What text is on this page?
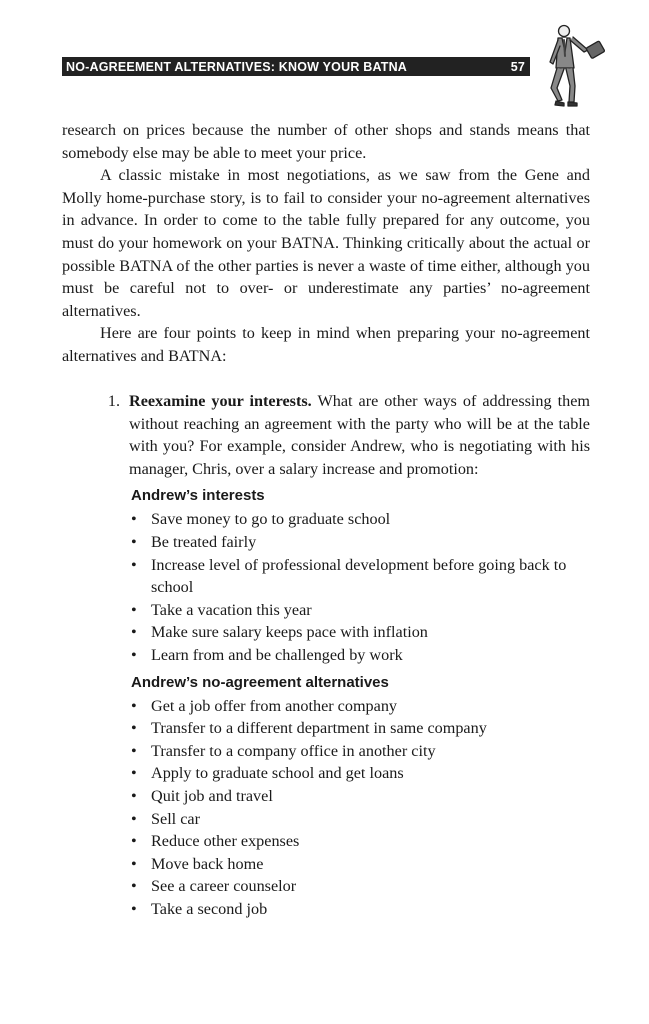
NO-AGREEMENT ALTERNATIVES: KNOW YOUR BATNA	57

research on prices because the number of other shops and stands means that somebody else may be able to meet your price.

A classic mistake in most negotiations, as we saw from the Gene and Molly home-purchase story, is to fail to consider your no-agreement alternatives in advance. In order to come to the table fully prepared for any outcome, you must do your homework on your BATNA. Thinking critically about the actual or possible BATNA of the other parties is never a waste of time either, although you must be careful not to over- or underestimate any parties’ no-agreement alternatives.

Here are four points to keep in mind when preparing your no-agreement alternatives and BATNA:

1. Reexamine your interests. What are other ways of addressing them without reaching an agreement with the party who will be at the table with you? For example, consider Andrew, who is negotiating with his manager, Chris, over a salary increase and promotion:
Andrew’s interests
• Save money to go to graduate school
• Be treated fairly
• Increase level of professional development before going back to school
• Take a vacation this year
• Make sure salary keeps pace with inflation
• Learn from and be challenged by work
Andrew’s no-agreement alternatives
• Get a job offer from another company
• Transfer to a different department in same company
• Transfer to a company office in another city
• Apply to graduate school and get loans
• Quit job and travel
• Sell car
• Reduce other expenses
• Move back home
• See a career counselor
• Take a second job
